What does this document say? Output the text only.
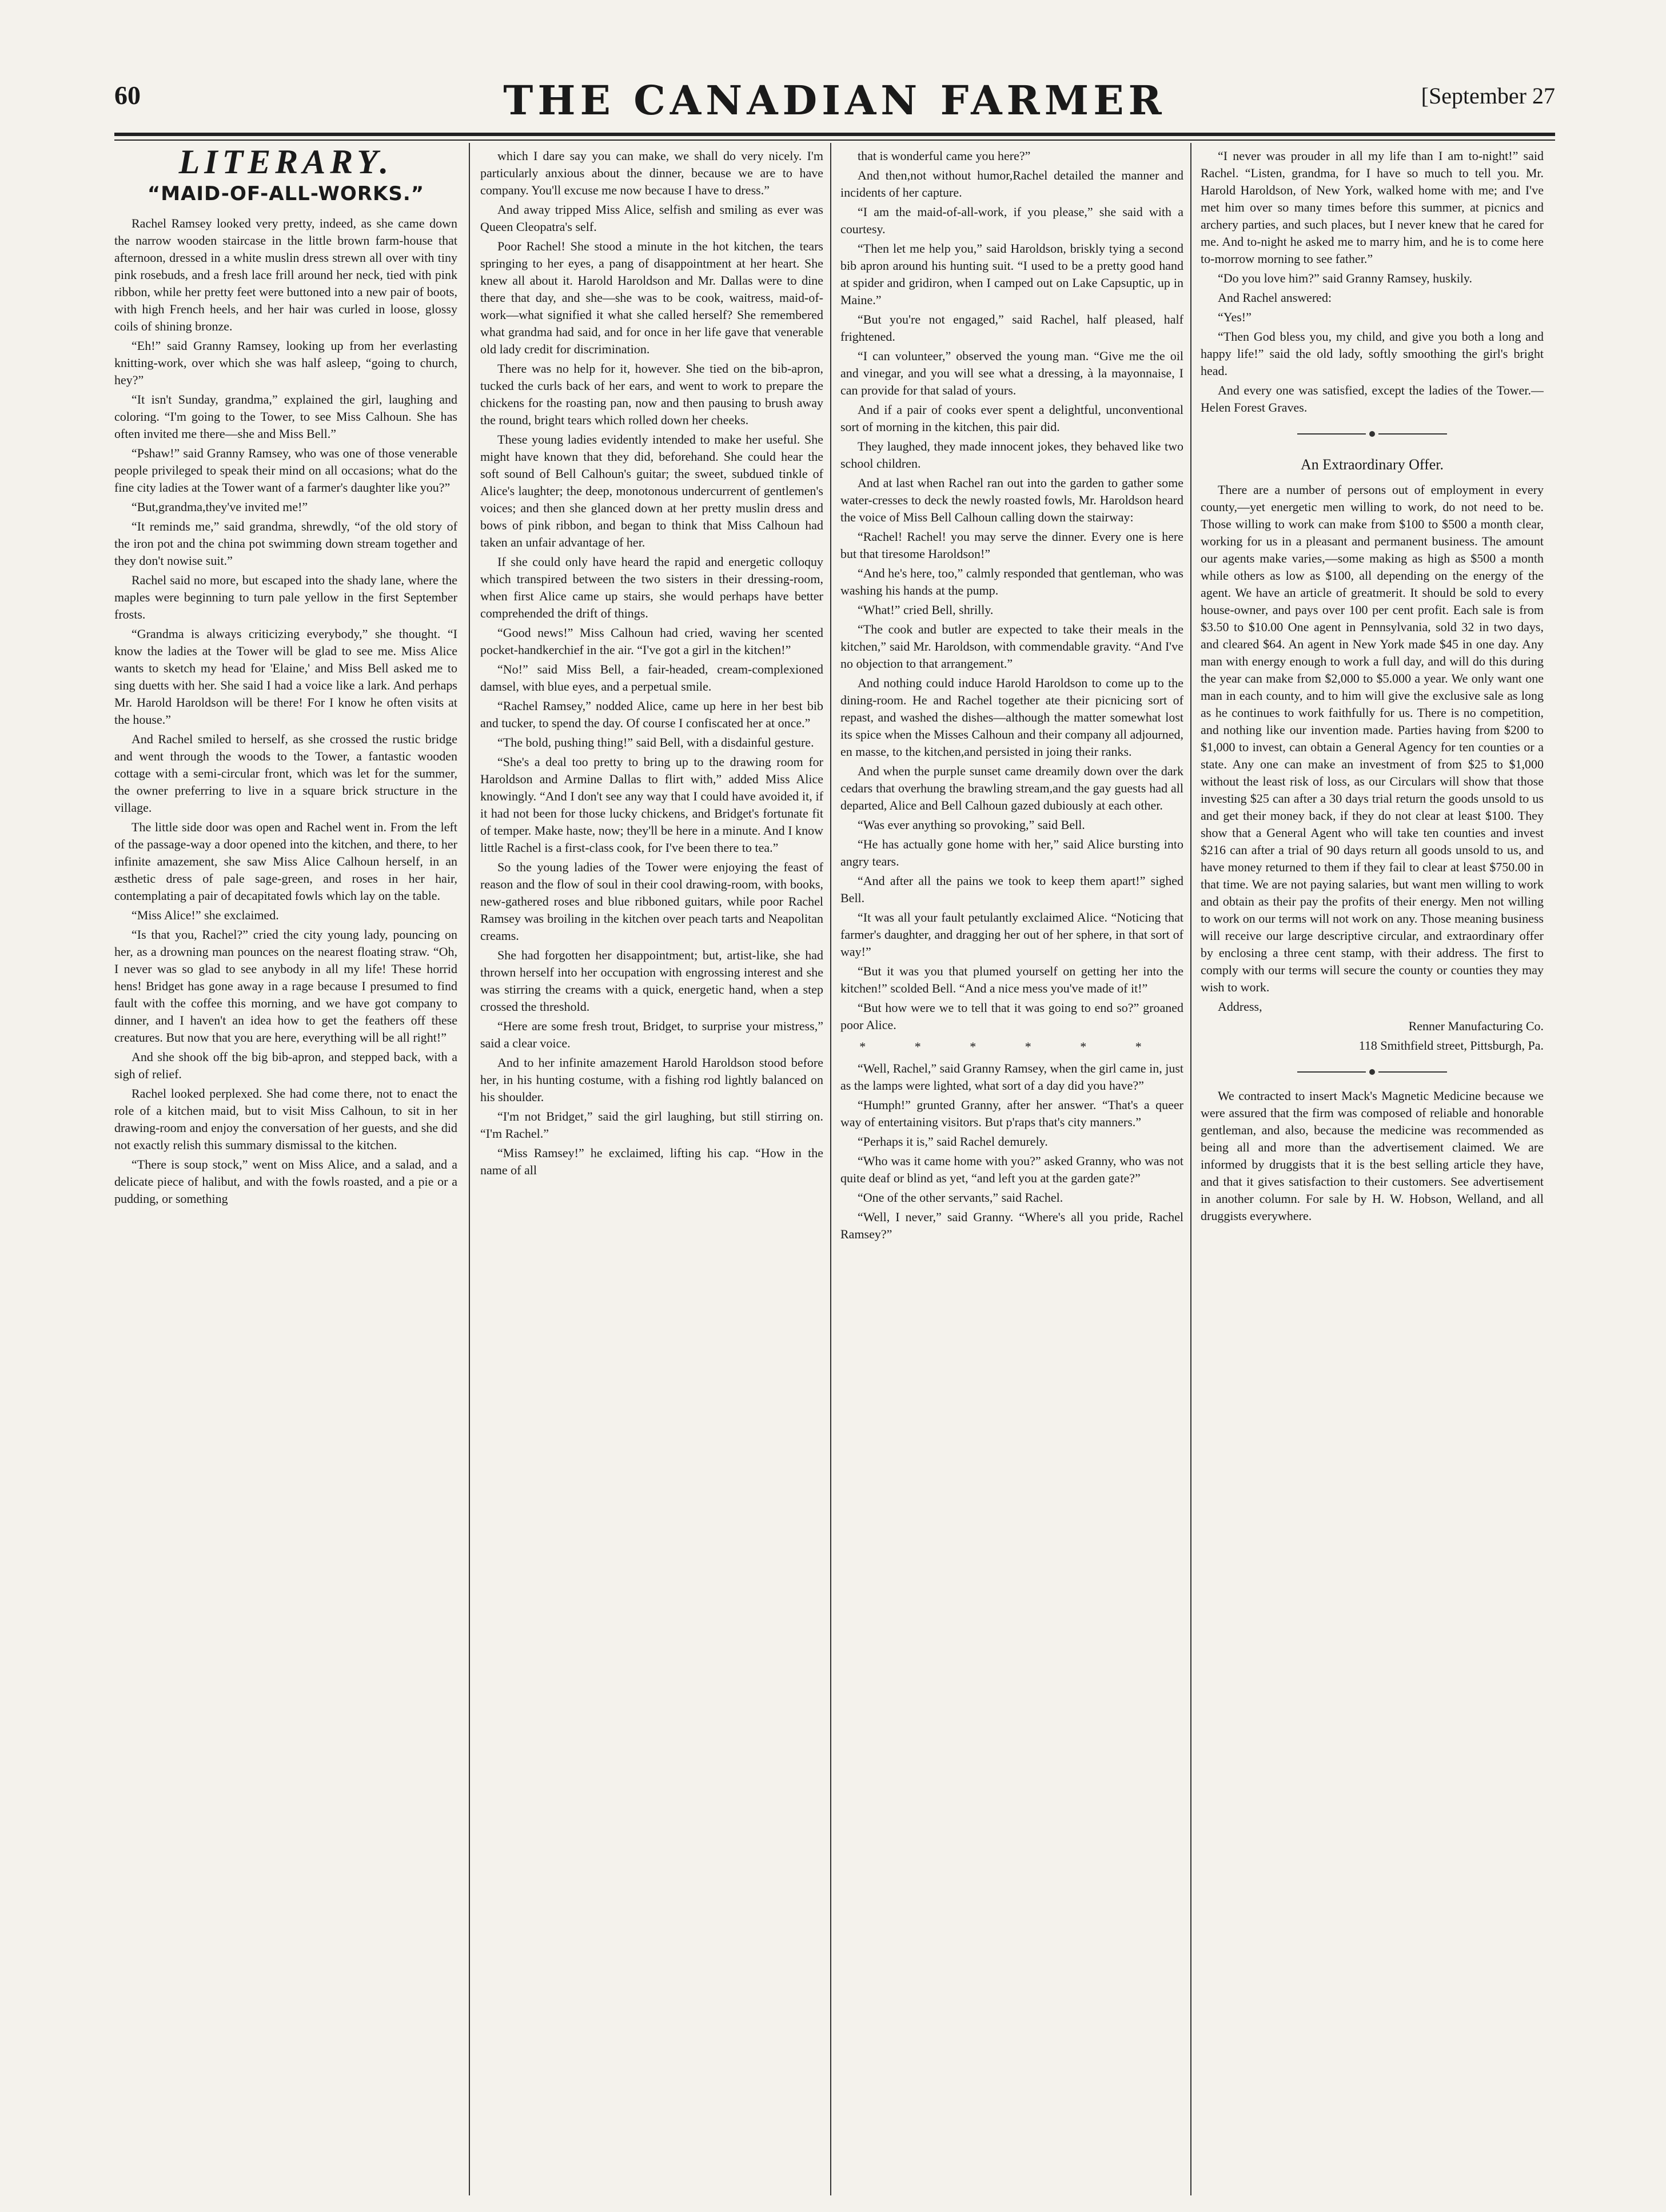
60	THE CANADIAN FARMER	[September 27
LITERARY.
“MAID-OF-ALL-WORKS.”

Rachel Ramsey looked very pretty, indeed, as she came down the narrow wooden staircase in the little brown farm-house that afternoon, dressed in a white muslin dress strewn all over with tiny pink rosebuds, and a fresh lace frill around her neck, tied with pink ribbon, while her pretty feet were buttoned into a new pair of boots, with high French heels, and her hair was curled in loose, glossy coils of shining bronze.

“Eh!” said Granny Ramsey, looking up from her everlasting knitting-work, over which she was half asleep, “going to church, hey?”

“It isn't Sunday, grandma,” explained the girl, laughing and coloring. “I'm going to the Tower, to see Miss Calhoun. She has often invited me there—she and Miss Bell.”

“Pshaw!” said Granny Ramsey, who was one of those venerable people privileged to speak their mind on all occasions; what do the fine city ladies at the Tower want of a farmer's daughter like you?”

“But,grandma,they've invited me!”

“It reminds me,” said grandma, shrewdly, “of the old story of the iron pot and the china pot swimming down stream together and they don't nowise suit.”

Rachel said no more, but escaped into the shady lane, where the maples were beginning to turn pale yellow in the first September frosts.

“Grandma is always criticizing everybody,” she thought. “I know the ladies at the Tower will be glad to see me. Miss Alice wants to sketch my head for 'Elaine,' and Miss Bell asked me to sing duetts with her. She said I had a voice like a lark. And perhaps Mr. Harold Haroldson will be there! For I know he often visits at the house.”

And Rachel smiled to herself, as she crossed the rustic bridge and went through the woods to the Tower, a fantastic wooden cottage with a semi-circular front, which was let for the summer, the owner preferring to live in a square brick structure in the village.

The little side door was open and Rachel went in. From the left of the passage-way a door opened into the kitchen, and there, to her infinite amazement, she saw Miss Alice Calhoun herself, in an æsthetic dress of pale sage-green, and roses in her hair, contemplating a pair of decapitated fowls which lay on the table.

“Miss Alice!” she exclaimed.

“Is that you, Rachel?” cried the city young lady, pouncing on her, as a drowning man pounces on the nearest floating straw. “Oh, I never was so glad to see anybody in all my life! These horrid hens! Bridget has gone away in a rage because I presumed to find fault with the coffee this morning, and we have got company to dinner, and I haven't an idea how to get the feathers off these creatures. But now that you are here, everything will be all right!”

And she shook off the big bib-apron, and stepped back, with a sigh of relief.

Rachel looked perplexed. She had come there, not to enact the role of a kitchen maid, but to visit Miss Calhoun, to sit in her drawing-room and enjoy the conversation of her guests, and she did not exactly relish this summary dismissal to the kitchen.

“There is soup stock,” went on Miss Alice, and a salad, and a delicate piece of halibut, and with the fowls roasted, and a pie or a pudding, or something

which I dare say you can make, we shall do very nicely. I'm particularly anxious about the dinner, because we are to have company. You'll excuse me now because I have to dress.”

And away tripped Miss Alice, selfish and smiling as ever was Queen Cleopatra's self.

Poor Rachel! She stood a minute in the hot kitchen, the tears springing to her eyes, a pang of disappointment at her heart. She knew all about it. Harold Haroldson and Mr. Dallas were to dine there that day, and she—she was to be cook, waitress, maid-of-work—what signified it what she called herself? She remembered what grandma had said, and for once in her life gave that venerable old lady credit for discrimination.

There was no help for it, however. She tied on the bib-apron, tucked the curls back of her ears, and went to work to prepare the chickens for the roasting pan, now and then pausing to brush away the round, bright tears which rolled down her cheeks.

These young ladies evidently intended to make her useful. She might have known that they did, beforehand. She could hear the soft sound of Bell Calhoun's guitar; the sweet, subdued tinkle of Alice's laughter; the deep, monotonous undercurrent of gentlemen's voices; and then she glanced down at her pretty muslin dress and bows of pink ribbon, and began to think that Miss Calhoun had taken an unfair advantage of her.

If she could only have heard the rapid and energetic colloquy which transpired between the two sisters in their dressing-room, when first Alice came up stairs, she would perhaps have better comprehended the drift of things.

“Good news!” Miss Calhoun had cried, waving her scented pocket-handkerchief in the air. “I've got a girl in the kitchen!”

“No!” said Miss Bell, a fair-headed, cream-complexioned damsel, with blue eyes, and a perpetual smile.

“Rachel Ramsey,” nodded Alice, came up here in her best bib and tucker, to spend the day. Of course I confiscated her at once.”

“The bold, pushing thing!” said Bell, with a disdainful gesture.

“She's a deal too pretty to bring up to the drawing room for Haroldson and Armine Dallas to flirt with,” added Miss Alice knowingly. “And I don't see any way that I could have avoided it, if it had not been for those lucky chickens, and Bridget's fortunate fit of temper. Make haste, now; they'll be here in a minute. And I know little Rachel is a first-class cook, for I've been there to tea.”

So the young ladies of the Tower were enjoying the feast of reason and the flow of soul in their cool drawing-room, with books, new-gathered roses and blue ribboned guitars, while poor Rachel Ramsey was broiling in the kitchen over peach tarts and Neapolitan creams.

She had forgotten her disappointment; but, artist-like, she had thrown herself into her occupation with engrossing interest and she was stirring the creams with a quick, energetic hand, when a step crossed the threshold.

“Here are some fresh trout, Bridget, to surprise your mistress,” said a clear voice.

And to her infinite amazement Harold Haroldson stood before her, in his hunting costume, with a fishing rod lightly balanced on his shoulder.

“I'm not Bridget,” said the girl laughing, but still stirring on. “I'm Rachel.”

“Miss Ramsey!” he exclaimed, lifting his cap. “How in the name of all

that is wonderful came you here?”

And then,not without humor,Rachel detailed the manner and incidents of her capture.

“I am the maid-of-all-work, if you please,” she said with a courtesy.

“Then let me help you,” said Haroldson, briskly tying a second bib apron around his hunting suit. “I used to be a pretty good hand at spider and gridiron, when I camped out on Lake Capsuptic, up in Maine.”

“But you're not engaged,” said Rachel, half pleased, half frightened.

“I can volunteer,” observed the young man. “Give me the oil and vinegar, and you will see what a dressing, à la mayonnaise, I can provide for that salad of yours.

And if a pair of cooks ever spent a delightful, unconventional sort of morning in the kitchen, this pair did.

They laughed, they made innocent jokes, they behaved like two school children.

And at last when Rachel ran out into the garden to gather some water-cresses to deck the newly roasted fowls, Mr. Haroldson heard the voice of Miss Bell Calhoun calling down the stairway:

“Rachel! Rachel! you may serve the dinner. Every one is here but that tiresome Haroldson!”

“And he's here, too,” calmly responded that gentleman, who was washing his hands at the pump.

“What!” cried Bell, shrilly.

“The cook and butler are expected to take their meals in the kitchen,” said Mr. Haroldson, with commendable gravity. “And I've no objection to that arrangement.”

And nothing could induce Harold Haroldson to come up to the dining-room. He and Rachel together ate their picnicing sort of repast, and washed the dishes—although the matter somewhat lost its spice when the Misses Calhoun and their company all adjourned, en masse, to the kitchen,and persisted in joing their ranks.

And when the purple sunset came dreamily down over the dark cedars that overhung the brawling stream,and the gay guests had all departed, Alice and Bell Calhoun gazed dubiously at each other.

“Was ever anything so provoking,” said Bell.

“He has actually gone home with her,” said Alice bursting into angry tears.

“And after all the pains we took to keep them apart!” sighed Bell.

“It was all your fault petulantly exclaimed Alice. “Noticing that farmer's daughter, and dragging her out of her sphere, in that sort of way!”

“But it was you that plumed yourself on getting her into the kitchen!” scolded Bell. “And a nice mess you've made of it!”

“But how were we to tell that it was going to end so?” groaned poor Alice.

* * * * * *

“Well, Rachel,” said Granny Ramsey, when the girl came in, just as the lamps were lighted, what sort of a day did you have?”

“Humph!” grunted Granny, after her answer. “That's a queer way of entertaining visitors. But p'raps that's city manners.”

“Perhaps it is,” said Rachel demurely.

“Who was it came home with you?” asked Granny, who was not quite deaf or blind as yet, “and left you at the garden gate?”

“One of the other servants,” said Rachel.

“Well, I never,” said Granny. “Where's all you pride, Rachel Ramsey?”

“I never was prouder in all my life than I am to-night!” said Rachel. “Listen, grandma, for I have so much to tell you. Mr. Harold Haroldson, of New York, walked home with me; and I've met him over so many times before this summer, at picnics and archery parties, and such places, but I never knew that he cared for me. And to-night he asked me to marry him, and he is to come here to-morrow morning to see father.”

“Do you love him?” said Granny Ramsey, huskily.

And Rachel answered:

“Yes!”

“Then God bless you, my child, and give you both a long and happy life!” said the old lady, softly smoothing the girl's bright head.

And every one was satisfied, except the ladies of the Tower.—Helen Forest Graves.

An Extraordinary Offer.

There are a number of persons out of employment in every county,—yet energetic men willing to work, do not need to be. Those willing to work can make from $100 to $500 a month clear, working for us in a pleasant and permanent business. The amount our agents make varies,—some making as high as $500 a month while others as low as $100, all depending on the energy of the agent. We have an article of greatmerit. It should be sold to every house-owner, and pays over 100 per cent profit. Each sale is from $3.50 to $10.00 One agent in Pennsylvania, sold 32 in two days, and cleared $64. An agent in New York made $45 in one day. Any man with energy enough to work a full day, and will do this during the year can make from $2,000 to $5.000 a year. We only want one man in each county, and to him will give the exclusive sale as long as he continues to work faithfully for us. There is no competition, and nothing like our invention made. Parties having from $200 to $1,000 to invest, can obtain a General Agency for ten counties or a state. Any one can make an investment of from $25 to $1,000 without the least risk of loss, as our Circulars will show that those investing $25 can after a 30 days trial return the goods unsold to us and get their money back, if they do not clear at least $100. They show that a General Agent who will take ten counties and invest $216 can after a trial of 90 days return all goods unsold to us, and have money returned to them if they fail to clear at least $750.00 in that time. We are not paying salaries, but want men willing to work and obtain as their pay the profits of their energy. Men not willing to work on our terms will not work on any. Those meaning business will receive our large descriptive circular, and extraordinary offer by enclosing a three cent stamp, with their address. The first to comply with our terms will secure the county or counties they may wish to work.

Address,

Renner Manufacturing Co.

118 Smithfield street, Pittsburgh, Pa.

We contracted to insert Mack's Magnetic Medicine because we were assured that the firm was composed of reliable and honorable gentleman, and also, because the medicine was recommended as being all and more than the advertisement claimed. We are informed by druggists that it is the best selling article they have, and that it gives satisfaction to their customers. See advertisement in another column. For sale by H. W. Hobson, Welland, and all druggists everywhere.
